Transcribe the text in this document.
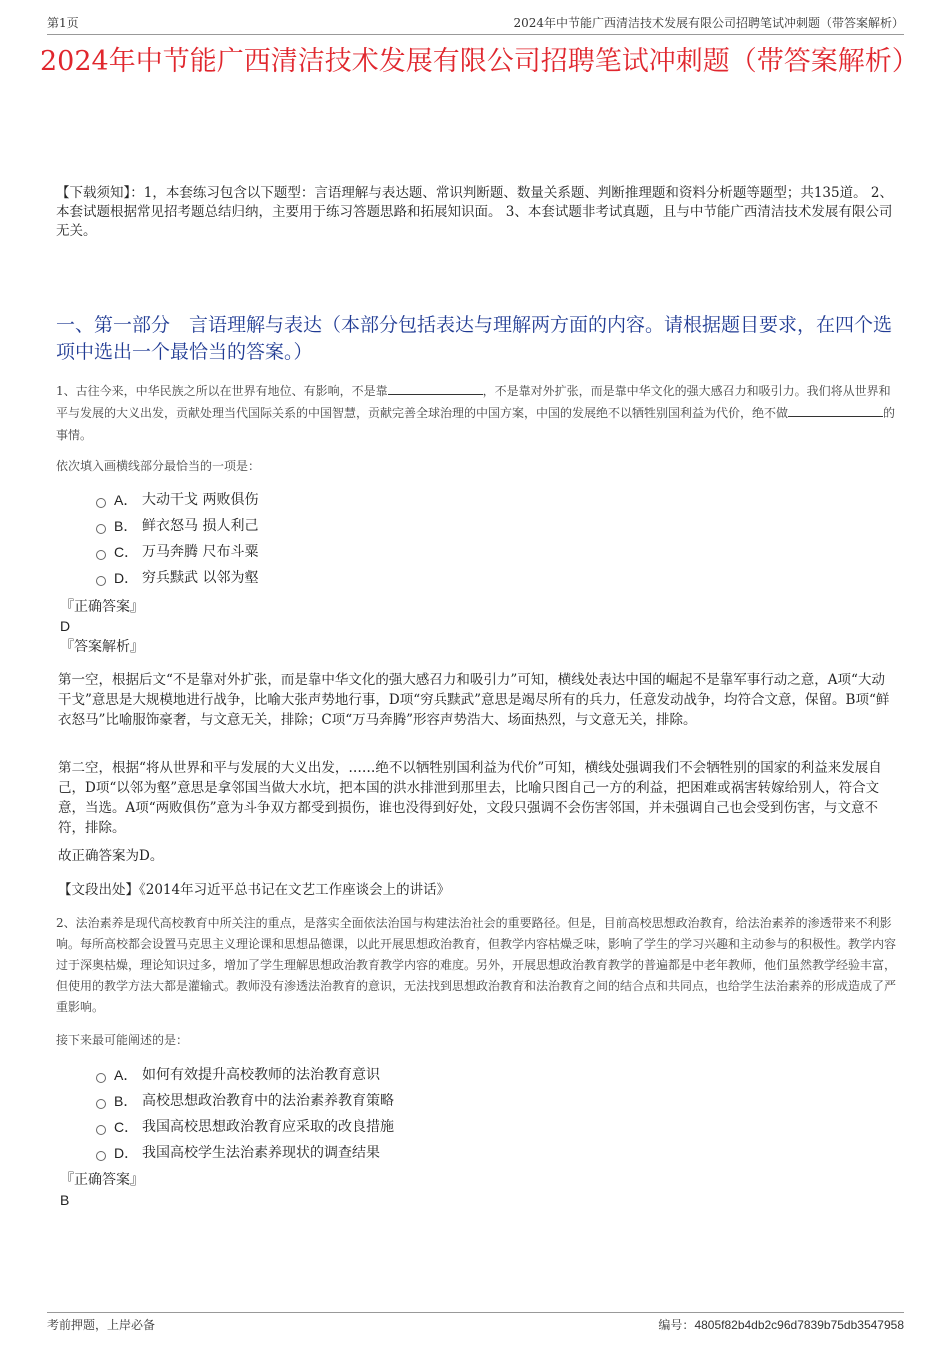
第1页	2024年中节能广西清洁技术发展有限公司招聘笔试冲刺题（带答案解析）
2024年中节能广西清洁技术发展有限公司招聘笔试冲刺题（带答案解析）
【下载须知】：1，本套练习包含以下题型：言语理解与表达题、常识判断题、数量关系题、判断推理题和资料分析题等题型；共135道。 2、本套试题根据常见招考题总结归纳，主要用于练习答题思路和拓展知识面。 3、本套试题非考试真题，且与中节能广西清洁技术发展有限公司无关。
一、第一部分　言语理解与表达（本部分包括表达与理解两方面的内容。请根据题目要求，在四个选项中选出一个最恰当的答案。）
1、古往今来，中华民族之所以在世界有地位、有影响，不是靠	，不是靠对外扩张，而是靠中华文化的强大感召力和吸引力。我们将从世界和平与发展的大义出发，贡献处理当代国际关系的中国智慧，贡献完善全球治理的中国方案，中国的发展绝不以牺牲别国利益为代价，绝不做	的事情。
依次填入画横线部分最恰当的一项是：
A． 大动干戈 两败俱伤
B． 鲜衣怒马 损人利己
C． 万马奔腾 尺布斗粟
D． 穷兵黩武 以邻为壑
『正确答案』
D
『答案解析』
第一空，根据后文“不是靠对外扩张，而是靠中华文化的强大感召力和吸引力”可知，横线处表达中国的崛起不是靠军事行动之意，A项“大动干戈”意思是大规模地进行战争，比喻大张声势地行事，D项“穷兵黩武”意思是竭尽所有的兵力，任意发动战争，均符合文意，保留。B项“鲜衣怒马”比喻服饰豪奢，与文意无关，排除；C项“万马奔腾”形容声势浩大、场面热烈，与文意无关，排除。
第二空，根据“将从世界和平与发展的大义出发，……绝不以牺牲别国利益为代价”可知，横线处强调我们不会牺牲别的国家的利益来发展自己，D项“以邻为壑”意思是拿邻国当做大水坑，把本国的洪水排泄到那里去，比喻只图自己一方的利益，把困难或祸害转嫁给别人，符合文意，当选。A项“两败俱伤”意为斗争双方都受到损伤，谁也没得到好处，文段只强调不会伤害邻国，并未强调自己也会受到伤害，与文意不符，排除。
故正确答案为D。
【文段出处】《2014年习近平总书记在文艺工作座谈会上的讲话》
2、法治素养是现代高校教育中所关注的重点，是落实全面依法治国与构建法治社会的重要路径。但是，目前高校思想政治教育，给法治素养的渗透带来不利影响。每所高校都会设置马克思主义理论课和思想品德课，以此开展思想政治教育，但教学内容枯燥乏味，影响了学生的学习兴趣和主动参与的积极性。教学内容过于深奥枯燥，理论知识过多，增加了学生理解思想政治教育教学内容的难度。另外，开展思想政治教育教学的普遍都是中老年教师，他们虽然教学经验丰富，但使用的教学方法大都是灌输式。教师没有渗透法治教育的意识，无法找到思想政治教育和法治教育之间的结合点和共同点，也给学生法治素养的形成造成了严重影响。
接下来最可能阐述的是：
A． 如何有效提升高校教师的法治教育意识
B． 高校思想政治教育中的法治素养教育策略
C． 我国高校思想政治教育应采取的改良措施
D． 我国高校学生法治素养现状的调查结果
『正确答案』
B
考前押题，上岸必备	编号：4805f82b4db2c96d7839b75db3547958
